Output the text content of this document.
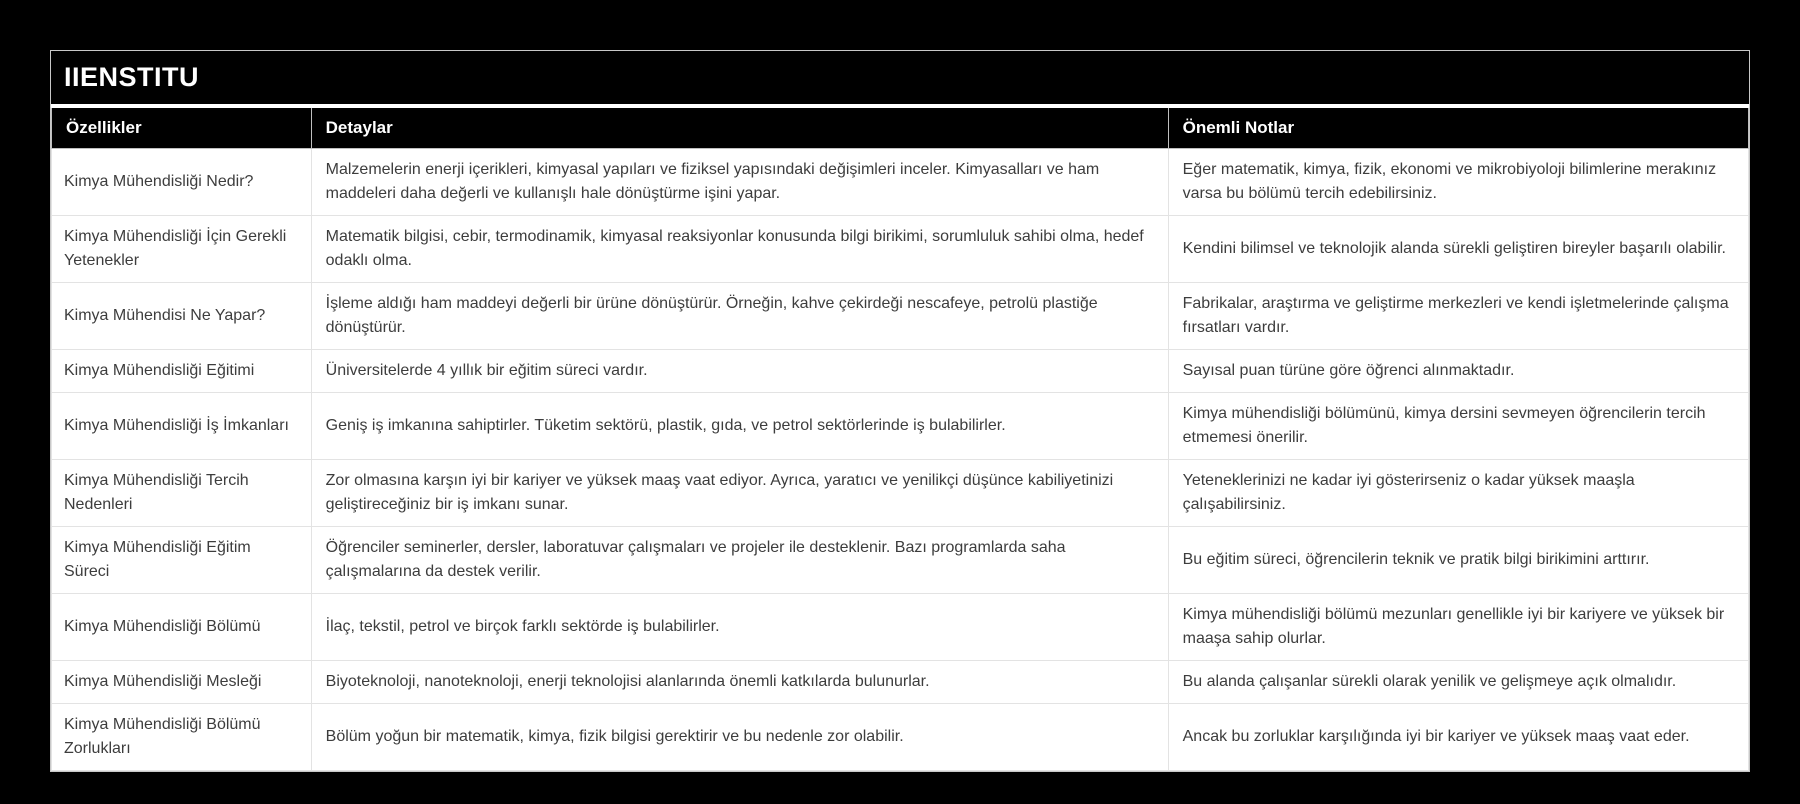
IIENSTITU
Özellikler	Detaylar	Önemli Notlar
Kimya Mühendisliği Nedir?	Malzemelerin enerji içerikleri, kimyasal yapıları ve fiziksel yapısındaki değişimleri inceler. Kimyasalları ve ham maddeleri daha değerli ve kullanışlı hale dönüştürme işini yapar.	Eğer matematik, kimya, fizik, ekonomi ve mikrobiyoloji bilimlerine merakınız varsa bu bölümü tercih edebilirsiniz.
Kimya Mühendisliği İçin Gerekli Yetenekler	Matematik bilgisi, cebir, termodinamik, kimyasal reaksiyonlar konusunda bilgi birikimi, sorumluluk sahibi olma, hedef odaklı olma.	Kendini bilimsel ve teknolojik alanda sürekli geliştiren bireyler başarılı olabilir.
Kimya Mühendisi Ne Yapar?	İşleme aldığı ham maddeyi değerli bir ürüne dönüştürür. Örneğin, kahve çekirdeği nescafeye, petrolü plastiğe dönüştürür.	Fabrikalar, araştırma ve geliştirme merkezleri ve kendi işletmelerinde çalışma fırsatları vardır.
Kimya Mühendisliği Eğitimi	Üniversitelerde 4 yıllık bir eğitim süreci vardır.	Sayısal puan türüne göre öğrenci alınmaktadır.
Kimya Mühendisliği İş İmkanları	Geniş iş imkanına sahiptirler. Tüketim sektörü, plastik, gıda, ve petrol sektörlerinde iş bulabilirler.	Kimya mühendisliği bölümünü, kimya dersini sevmeyen öğrencilerin tercih etmemesi önerilir.
Kimya Mühendisliği Tercih Nedenleri	Zor olmasına karşın iyi bir kariyer ve yüksek maaş vaat ediyor. Ayrıca, yaratıcı ve yenilikçi düşünce kabiliyetinizi geliştireceğiniz bir iş imkanı sunar.	Yeteneklerinizi ne kadar iyi gösterirseniz o kadar yüksek maaşla çalışabilirsiniz.
Kimya Mühendisliği Eğitim Süreci	Öğrenciler seminerler, dersler, laboratuvar çalışmaları ve projeler ile desteklenir. Bazı programlarda saha çalışmalarına da destek verilir.	Bu eğitim süreci, öğrencilerin teknik ve pratik bilgi birikimini arttırır.
Kimya Mühendisliği Bölümü	İlaç, tekstil, petrol ve birçok farklı sektörde iş bulabilirler.	Kimya mühendisliği bölümü mezunları genellikle iyi bir kariyere ve yüksek bir maaşa sahip olurlar.
Kimya Mühendisliği Mesleği	Biyoteknoloji, nanoteknoloji, enerji teknolojisi alanlarında önemli katkılarda bulunurlar.	Bu alanda çalışanlar sürekli olarak yenilik ve gelişmeye açık olmalıdır.
Kimya Mühendisliği Bölümü Zorlukları	Bölüm yoğun bir matematik, kimya, fizik bilgisi gerektirir ve bu nedenle zor olabilir.	Ancak bu zorluklar karşılığında iyi bir kariyer ve yüksek maaş vaat eder.
